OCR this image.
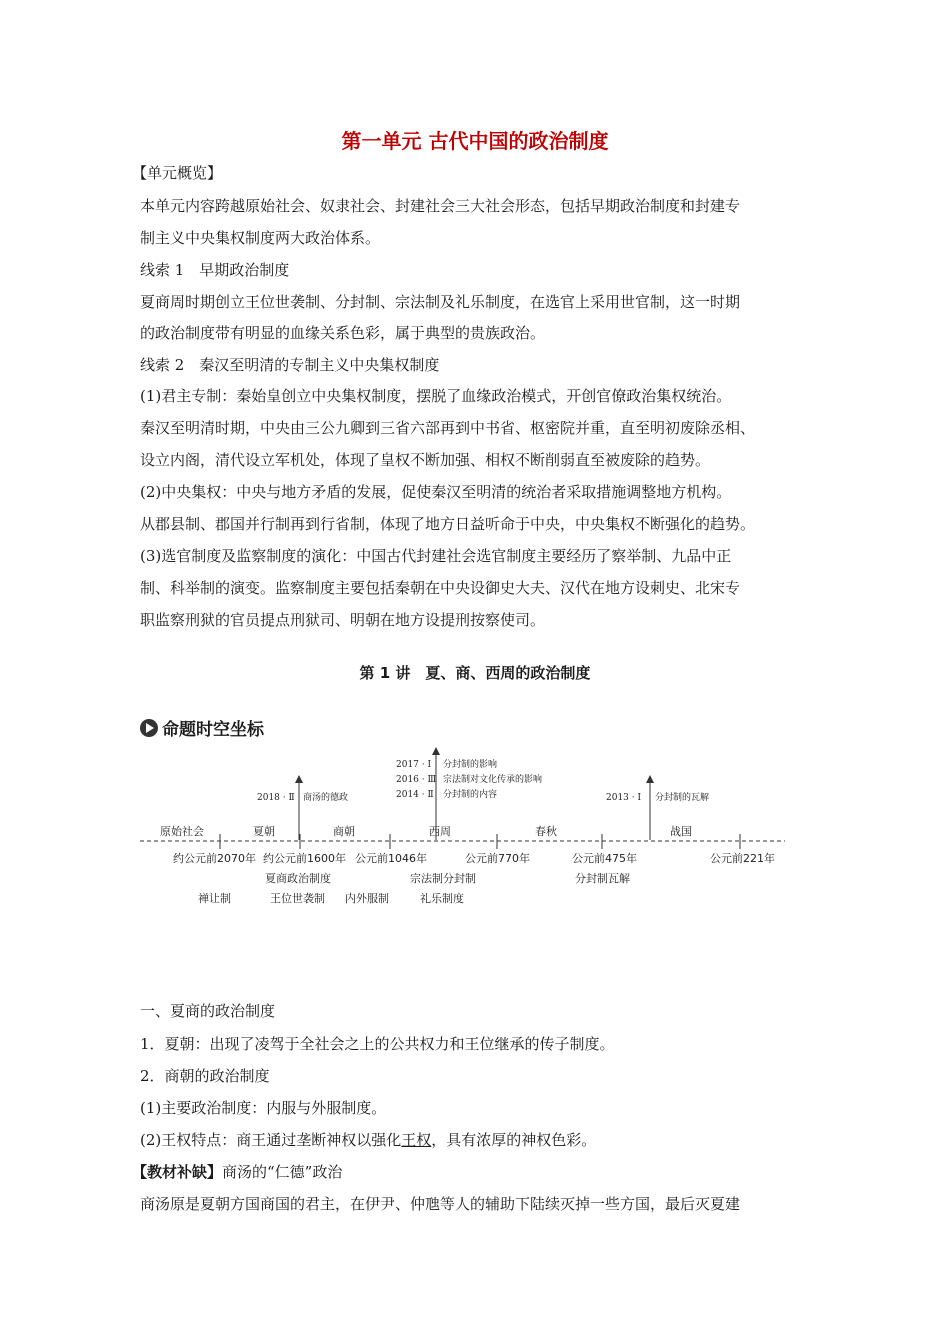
第一单元 古代中国的政治制度
【单元概览】
本单元内容跨越原始社会、奴隶社会、封建社会三大社会形态，包括早期政治制度和封建专
制主义中央集权制度两大政治体系。
线索 1　早期政治制度
夏商周时期创立王位世袭制、分封制、宗法制及礼乐制度，在选官上采用世官制，这一时期
的政治制度带有明显的血缘关系色彩，属于典型的贵族政治。
线索 2　秦汉至明清的专制主义中央集权制度
(1)君主专制：秦始皇创立中央集权制度，摆脱了血缘政治模式，开创官僚政治集权统治。
秦汉至明清时期，中央由三公九卿到三省六部再到中书省、枢密院并重，直至明初废除丞相、
设立内阁，清代设立军机处，体现了皇权不断加强、相权不断削弱直至被废除的趋势。
(2)中央集权：中央与地方矛盾的发展，促使秦汉至明清的统治者采取措施调整地方机构。
从郡县制、郡国并行制再到行省制，体现了地方日益听命于中央，中央集权不断强化的趋势。
(3)选官制度及监察制度的演化：中国古代封建社会选官制度主要经历了察举制、九品中正
制、科举制的演变。监察制度主要包括秦朝在中央设御史大夫、汉代在地方设刺史、北宋专
职监察刑狱的官员提点刑狱司、明朝在地方设提刑按察使司。
第 1 讲　夏、商、西周的政治制度
命题时空坐标
原始社会	夏朝	商朝	西周	春秋	战国
约公元前2070年 约公元前1600年 公元前1046年	公元前770年	公元前475年	公元前221年
夏商政治制度	宗法制分封制	分封制瓦解
禅让制	王位世袭制 内外服制	礼乐制度
2018 · Ⅱ 商汤的德政
2017 · Ⅰ 分封制的影响
2016 · Ⅲ 宗法制对文化传承的影响
2014 · Ⅱ 分封制的内容	2013 · Ⅰ 分封制的瓦解
一、夏商的政治制度
1．夏朝：出现了凌驾于全社会之上的公共权力和王位继承的传子制度。
2．商朝的政治制度
(1)主要政治制度：内服与外服制度。
(2)王权特点：商王通过垄断神权以强化王权，具有浓厚的神权色彩。
【教材补缺】商汤的“仁德”政治
商汤原是夏朝方国商国的君主，在伊尹、仲虺等人的辅助下陆续灭掉一些方国，最后灭夏建
